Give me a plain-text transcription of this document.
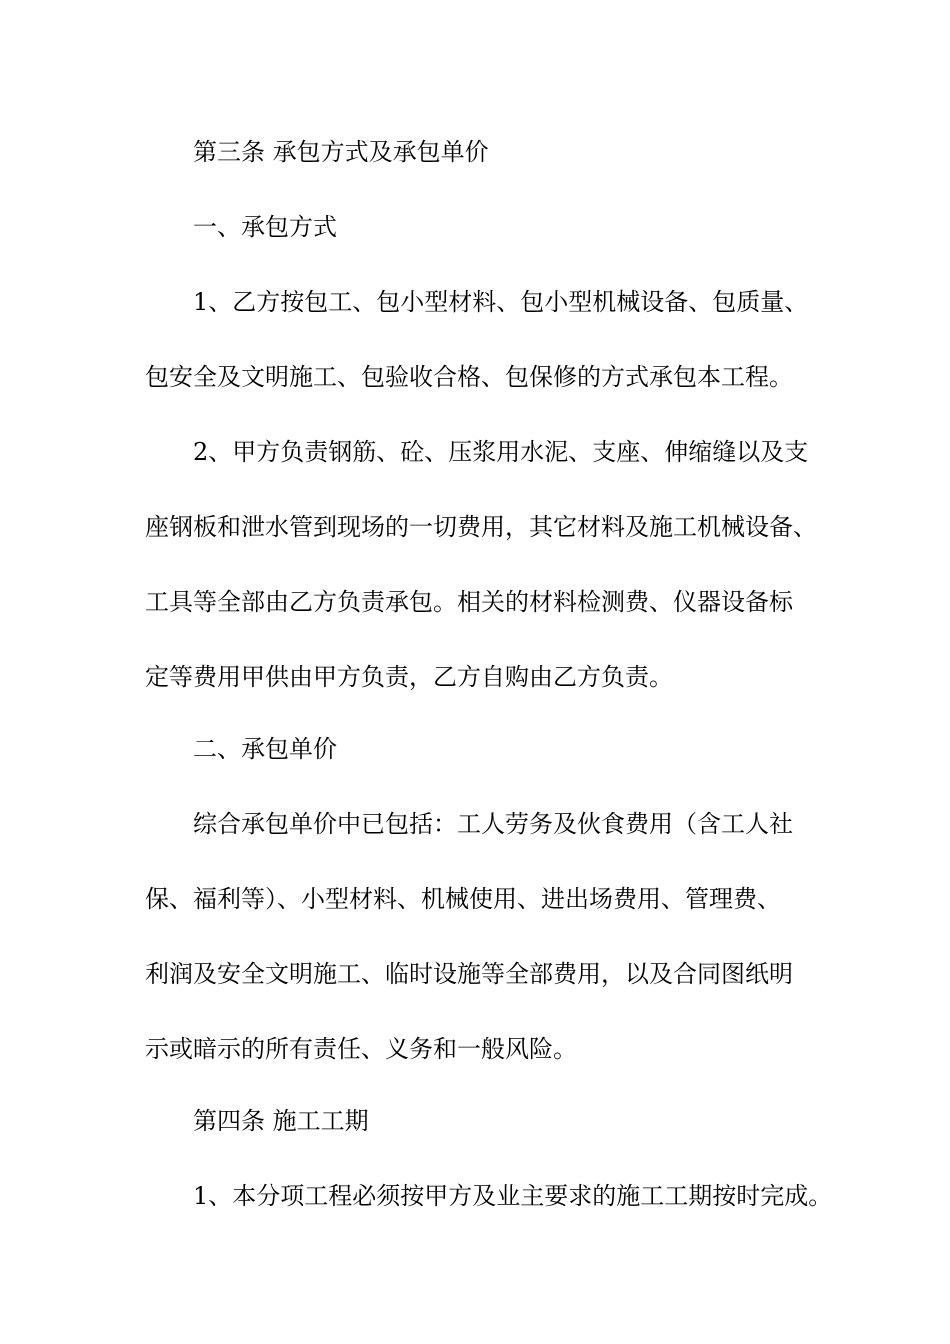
第三条 承包方式及承包单价
一、承包方式
1、乙方按包工、包小型材料、包小型机械设备、包质量、
包安全及文明施工、包验收合格、包保修的方式承包本工程。
2、甲方负责钢筋、砼、压浆用水泥、支座、伸缩缝以及支
座钢板和泄水管到现场的一切费用，其它材料及施工机械设备、
工具等全部由乙方负责承包。相关的材料检测费、仪器设备标
定等费用甲供由甲方负责，乙方自购由乙方负责。
二、承包单价
综合承包单价中已包括：工人劳务及伙食费用（含工人社
保、福利等）、小型材料、机械使用、进出场费用、管理费、
利润及安全文明施工、临时设施等全部费用，以及合同图纸明
示或暗示的所有责任、义务和一般风险。
第四条 施工工期
1、本分项工程必须按甲方及业主要求的施工工期按时完成。
